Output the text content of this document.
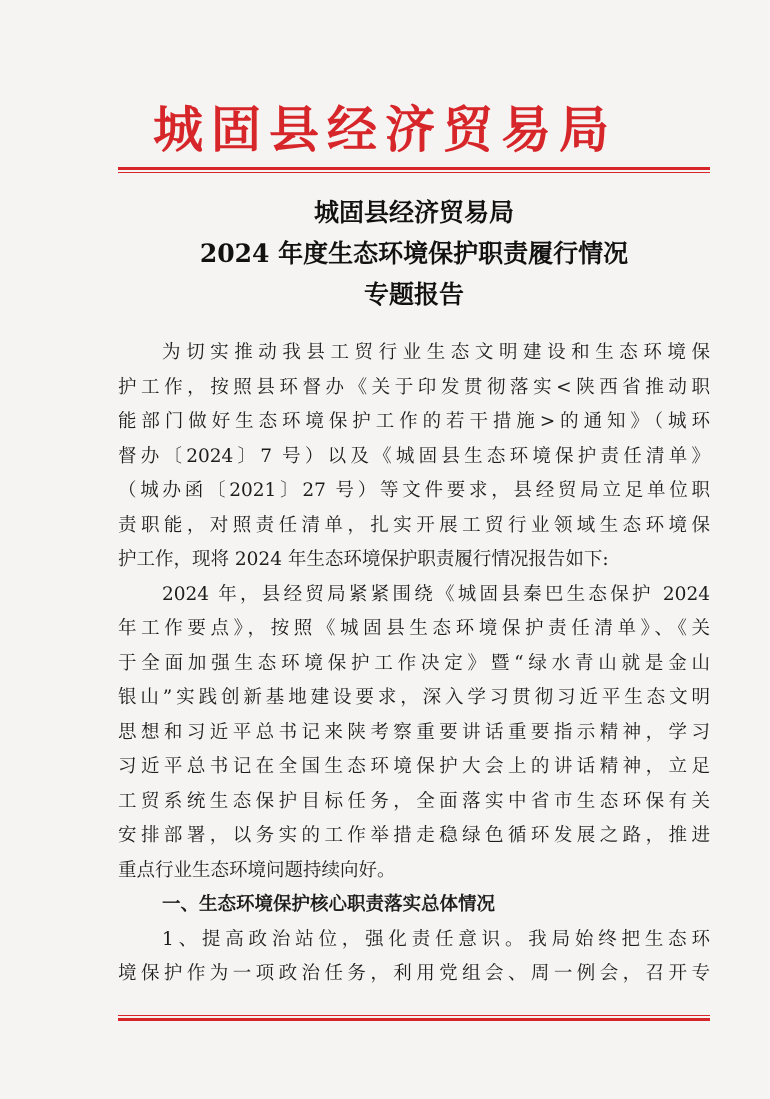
城固县经济贸易局
城固县经济贸易局
2024 年度生态环境保护职责履行情况
专题报告
为切实推动我县工贸行业生态文明建设和生态环境保
护工作，按照县环督办《关于印发贯彻落实<陕西省推动职
能部门做好生态环境保护工作的若干措施>的通知》（城环
督办〔2024〕7 号）以及《城固县生态环境保护责任清单》
（城办函〔2021〕27 号）等文件要求，县经贸局立足单位职
责职能，对照责任清单，扎实开展工贸行业领域生态环境保
护工作，现将 2024 年生态环境保护职责履行情况报告如下:
2024 年，县经贸局紧紧围绕《城固县秦巴生态保护 2024
年工作要点》，按照《城固县生态环境保护责任清单》、《关
于全面加强生态环境保护工作决定》暨“绿水青山就是金山
银山”实践创新基地建设要求，深入学习贯彻习近平生态文明
思想和习近平总书记来陕考察重要讲话重要指示精神，学习
习近平总书记在全国生态环境保护大会上的讲话精神，立足
工贸系统生态保护目标任务，全面落实中省市生态环保有关
安排部署，以务实的工作举措走稳绿色循环发展之路，推进
重点行业生态环境问题持续向好。
一、生态环境保护核心职责落实总体情况
1、提高政治站位，强化责任意识。我局始终把生态环
境保护作为一项政治任务，利用党组会、周一例会，召开专
